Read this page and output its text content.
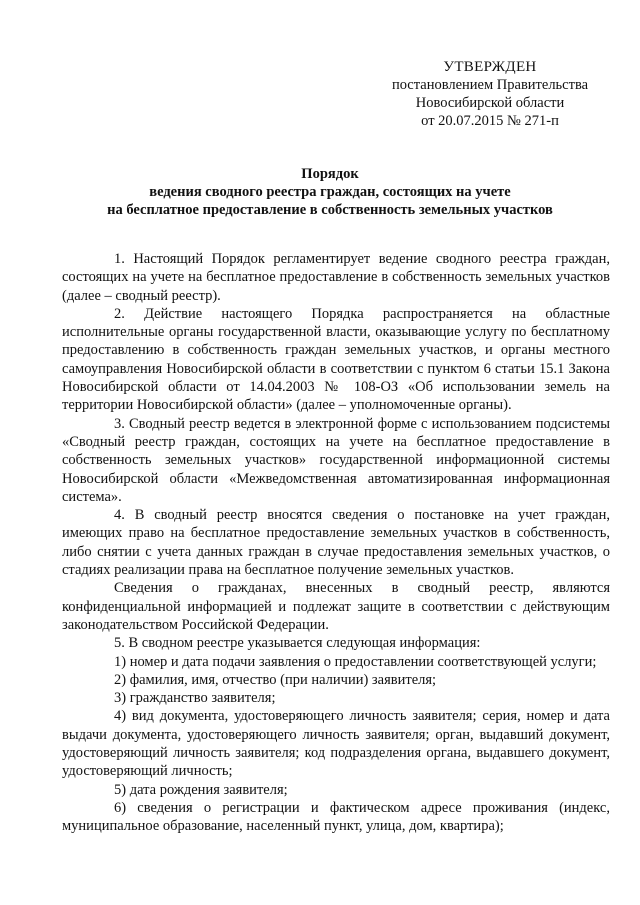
УТВЕРЖДЕН
постановлением Правительства
Новосибирской области
от 20.07.2015 № 271-п
Порядок
ведения сводного реестра граждан, состоящих на учете
на бесплатное предоставление в собственность земельных участков

1. Настоящий Порядок регламентирует ведение сводного реестра граждан, состоящих на учете на бесплатное предоставление в собственность земельных участков (далее – сводный реестр).

2. Действие настоящего Порядка распространяется на областные исполнительные органы государственной власти, оказывающие услугу по бесплатному предоставлению в собственность граждан земельных участков, и органы местного самоуправления Новосибирской области в соответствии с пунктом 6 статьи 15.1 Закона Новосибирской области от 14.04.2003 № 108-ОЗ «Об использовании земель на территории Новосибирской области» (далее – уполномоченные органы).

3. Сводный реестр ведется в электронной форме с использованием подсистемы «Сводный реестр граждан, состоящих на учете на бесплатное предоставление в собственность земельных участков» государственной информационной системы Новосибирской области «Межведомственная автоматизированная информационная система».

4. В сводный реестр вносятся сведения о постановке на учет граждан, имеющих право на бесплатное предоставление земельных участков в собственность, либо снятии с учета данных граждан в случае предоставления земельных участков, о стадиях реализации права на бесплатное получение земельных участков.

Сведения о гражданах, внесенных в сводный реестр, являются конфиденциальной информацией и подлежат защите в соответствии с действующим законодательством Российской Федерации.

5. В сводном реестре указывается следующая информация:

1) номер и дата подачи заявления о предоставлении соответствующей услуги;

2) фамилия, имя, отчество (при наличии) заявителя;

3) гражданство заявителя;

4) вид документа, удостоверяющего личность заявителя; серия, номер и дата выдачи документа, удостоверяющего личность заявителя; орган, выдавший документ, удостоверяющий личность заявителя; код подразделения органа, выдавшего документ, удостоверяющий личность;

5) дата рождения заявителя;

6) сведения о регистрации и фактическом адресе проживания (индекс, муниципальное образование, населенный пункт, улица, дом, квартира);
